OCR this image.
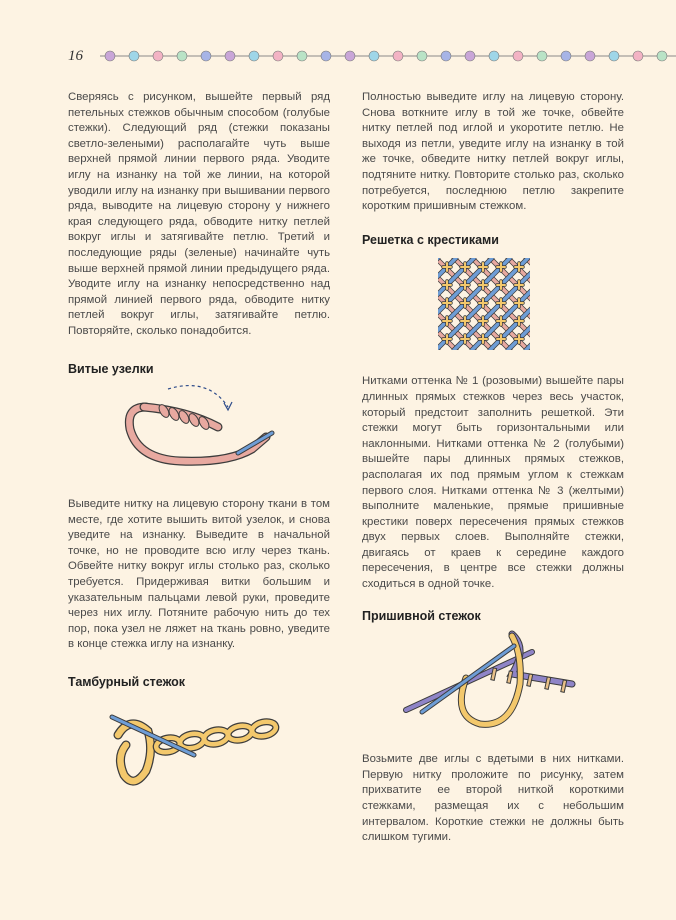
16

Сверяясь с рисунком, вышейте первый ряд петельных стежков обычным способом (голубые стежки). Следующий ряд (стежки показаны светло-зелеными) располагайте чуть выше верхней прямой линии первого ряда. Уводите иглу на изнанку на той же линии, на которой уводили иглу на изнанку при вышивании первого ряда, выводите на лицевую сторону у нижнего края следующего ряда, обводите нитку петлей вокруг иглы и затягивайте петлю. Третий и последующие ряды (зеленые) начинайте чуть выше верхней прямой линии предыдущего ряда. Уводите иглу на изнанку непосредственно над прямой линией первого ряда, обводите нитку петлей вокруг иглы, затягивайте петлю. Повторяйте, сколько понадобится.

Витые узелки

Выведите нитку на лицевую сторону ткани в том месте, где хотите вышить витой узелок, и снова уведите на изнанку. Выведите в начальной точке, но не проводите всю иглу через ткань. Обвейте нитку вокруг иглы столько раз, сколько требуется. Придерживая витки большим и указательным пальцами левой руки, проведите через них иглу. Потяните рабочую нить до тех пор, пока узел не ляжет на ткань ровно, уведите в конце стежка иглу на изнанку.

Тамбурный стежок

Полностью выведите иглу на лицевую сторону. Снова воткните иглу в той же точке, обвейте нитку петлей под иглой и укоротите петлю. Не выходя из петли, уведите иглу на изнанку в той же точке, обведите нитку петлей вокруг иглы, подтяните нитку. Повторите столько раз, сколько потребуется, последнюю петлю закрепите коротким пришивным стежком.

Решетка с крестиками

Нитками оттенка № 1 (розовыми) вышейте пары длинных прямых стежков через весь участок, который предстоит заполнить решеткой. Эти стежки могут быть горизонтальными или наклонными. Нитками оттенка № 2 (голубыми) вышейте пары длинных прямых стежков, располагая их под прямым углом к стежкам первого слоя. Нитками оттенка № 3 (желтыми) выполните маленькие, прямые пришивные крестики поверх пересечения прямых стежков двух первых слоев. Выполняйте стежки, двигаясь от краев к середине каждого пересечения, в центре все стежки должны сходиться в одной точке.

Пришивной стежок

Возьмите две иглы с вдетыми в них нитками. Первую нитку проложите по рисунку, затем прихватите ее второй ниткой короткими стежками, размещая их с небольшим интервалом. Короткие стежки не должны быть слишком тугими.
